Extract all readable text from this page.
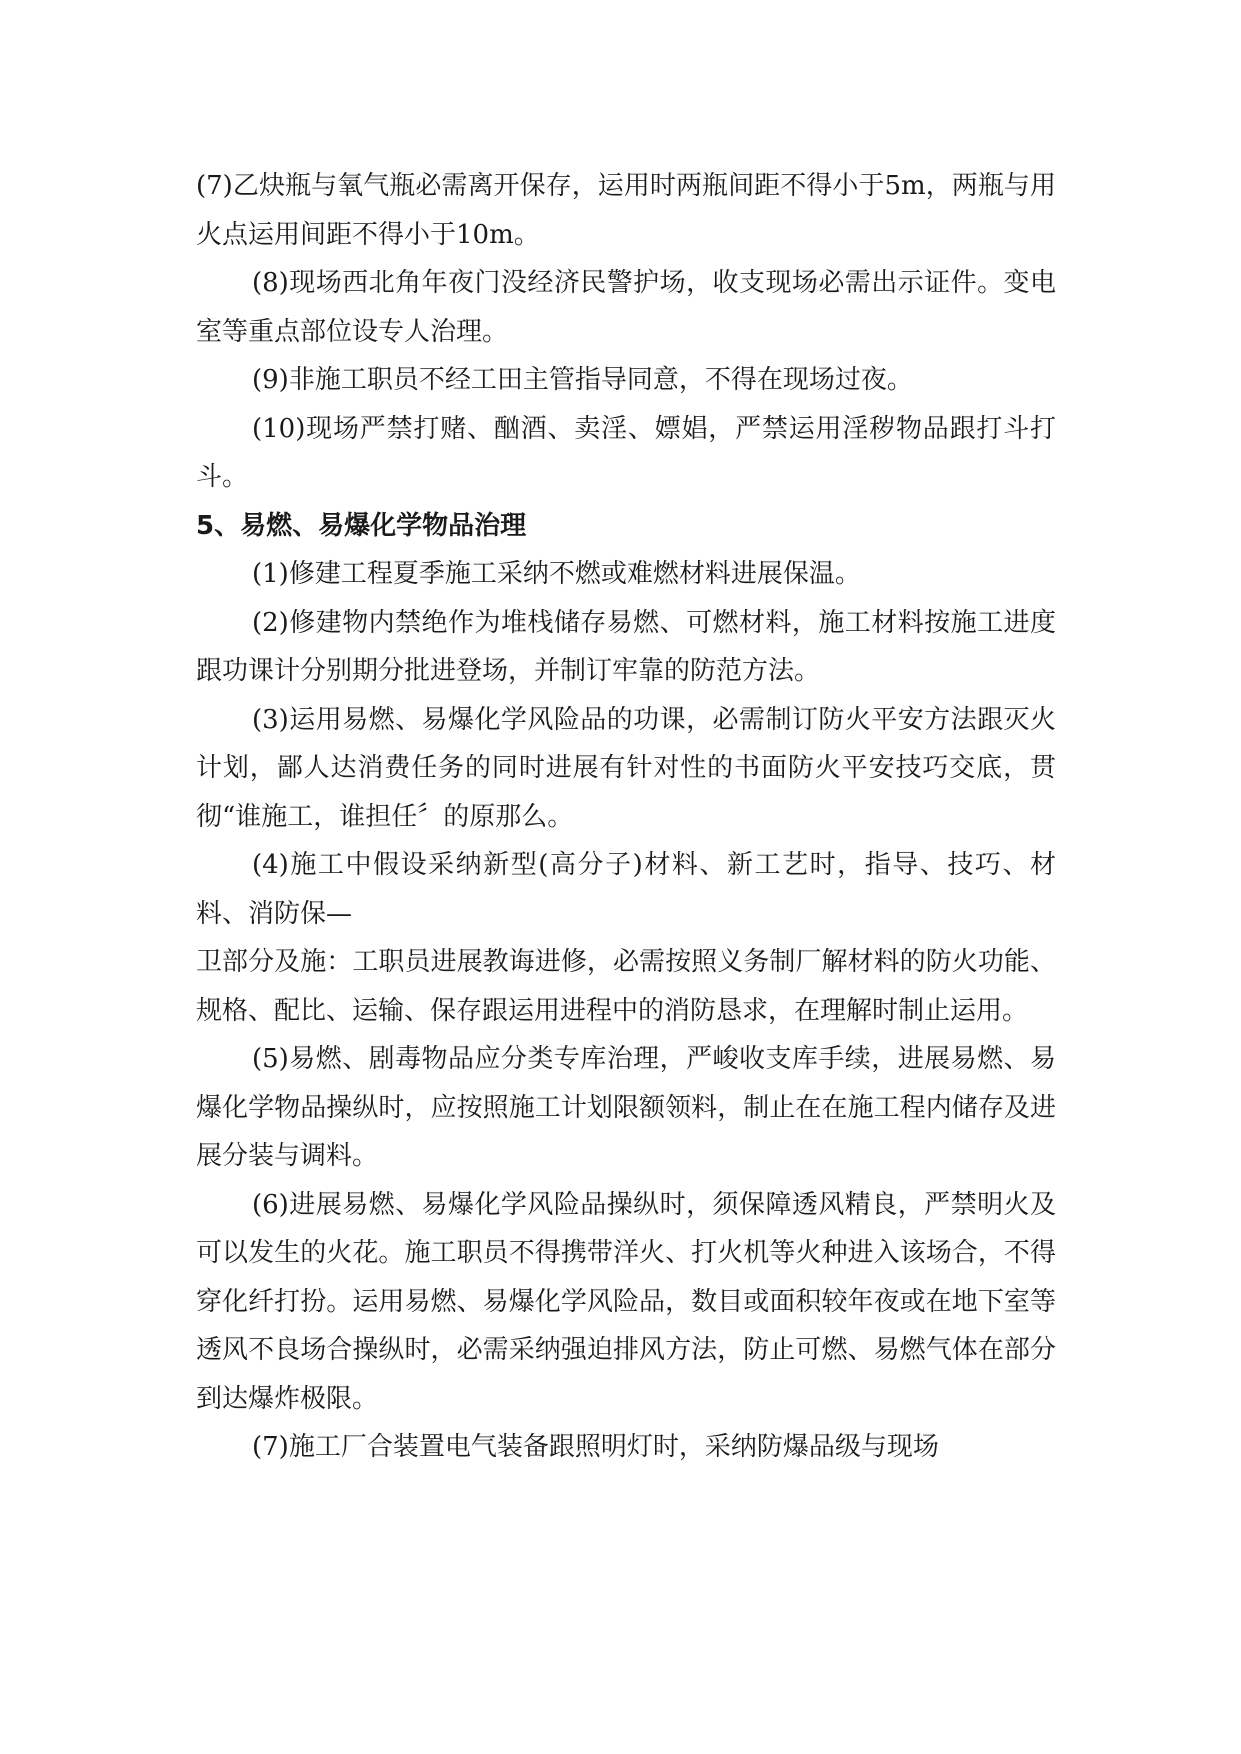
(7)乙炔瓶与氧气瓶必需离开保存，运用时两瓶间距不得小于5m，两瓶与用火点运用间距不得小于10m。

(8)现场西北角年夜门没经济民警护场，收支现场必需出示证件。变电室等重点部位设专人治理。

(9)非施工职员不经工田主管指导同意，不得在现场过夜。

(10)现场严禁打赌、酗酒、卖淫、嫖娼，严禁运用淫秽物品跟打斗打斗。

5、易燃、易爆化学物品治理

(1)修建工程夏季施工采纳不燃或难燃材料进展保温。

(2)修建物内禁绝作为堆栈储存易燃、可燃材料，施工材料按施工进度跟功课计分别期分批进登场，并制订牢靠的防范方法。

(3)运用易燃、易爆化学风险品的功课，必需制订防火平安方法跟灭火计划，鄙人达消费任务的同时进展有针对性的书面防火平安技巧交底，贯彻“谁施工，谁担任〞的原那么。

(4)施工中假设采纳新型(高分子)材料、新工艺时，指导、技巧、材料、消防保—

卫部分及施：工职员进展教诲进修，必需按照义务制厂解材料的防火功能、规格、配比、运输、保存跟运用进程中的消防恳求，在理解时制止运用。

(5)易燃、剧毒物品应分类专库治理，严峻收支库手续，进展易燃、易爆化学物品操纵时，应按照施工计划限额领料，制止在在施工程内储存及进展分装与调料。

(6)进展易燃、易爆化学风险品操纵时，须保障透风精良，严禁明火及可以发生的火花。施工职员不得携带洋火、打火机等火种进入该场合，不得穿化纤打扮。运用易燃、易爆化学风险品，数目或面积较年夜或在地下室等透风不良场合操纵时，必需采纳强迫排风方法，防止可燃、易燃气体在部分到达爆炸极限。

(7)施工厂合装置电气装备跟照明灯时，采纳防爆品级与现场
